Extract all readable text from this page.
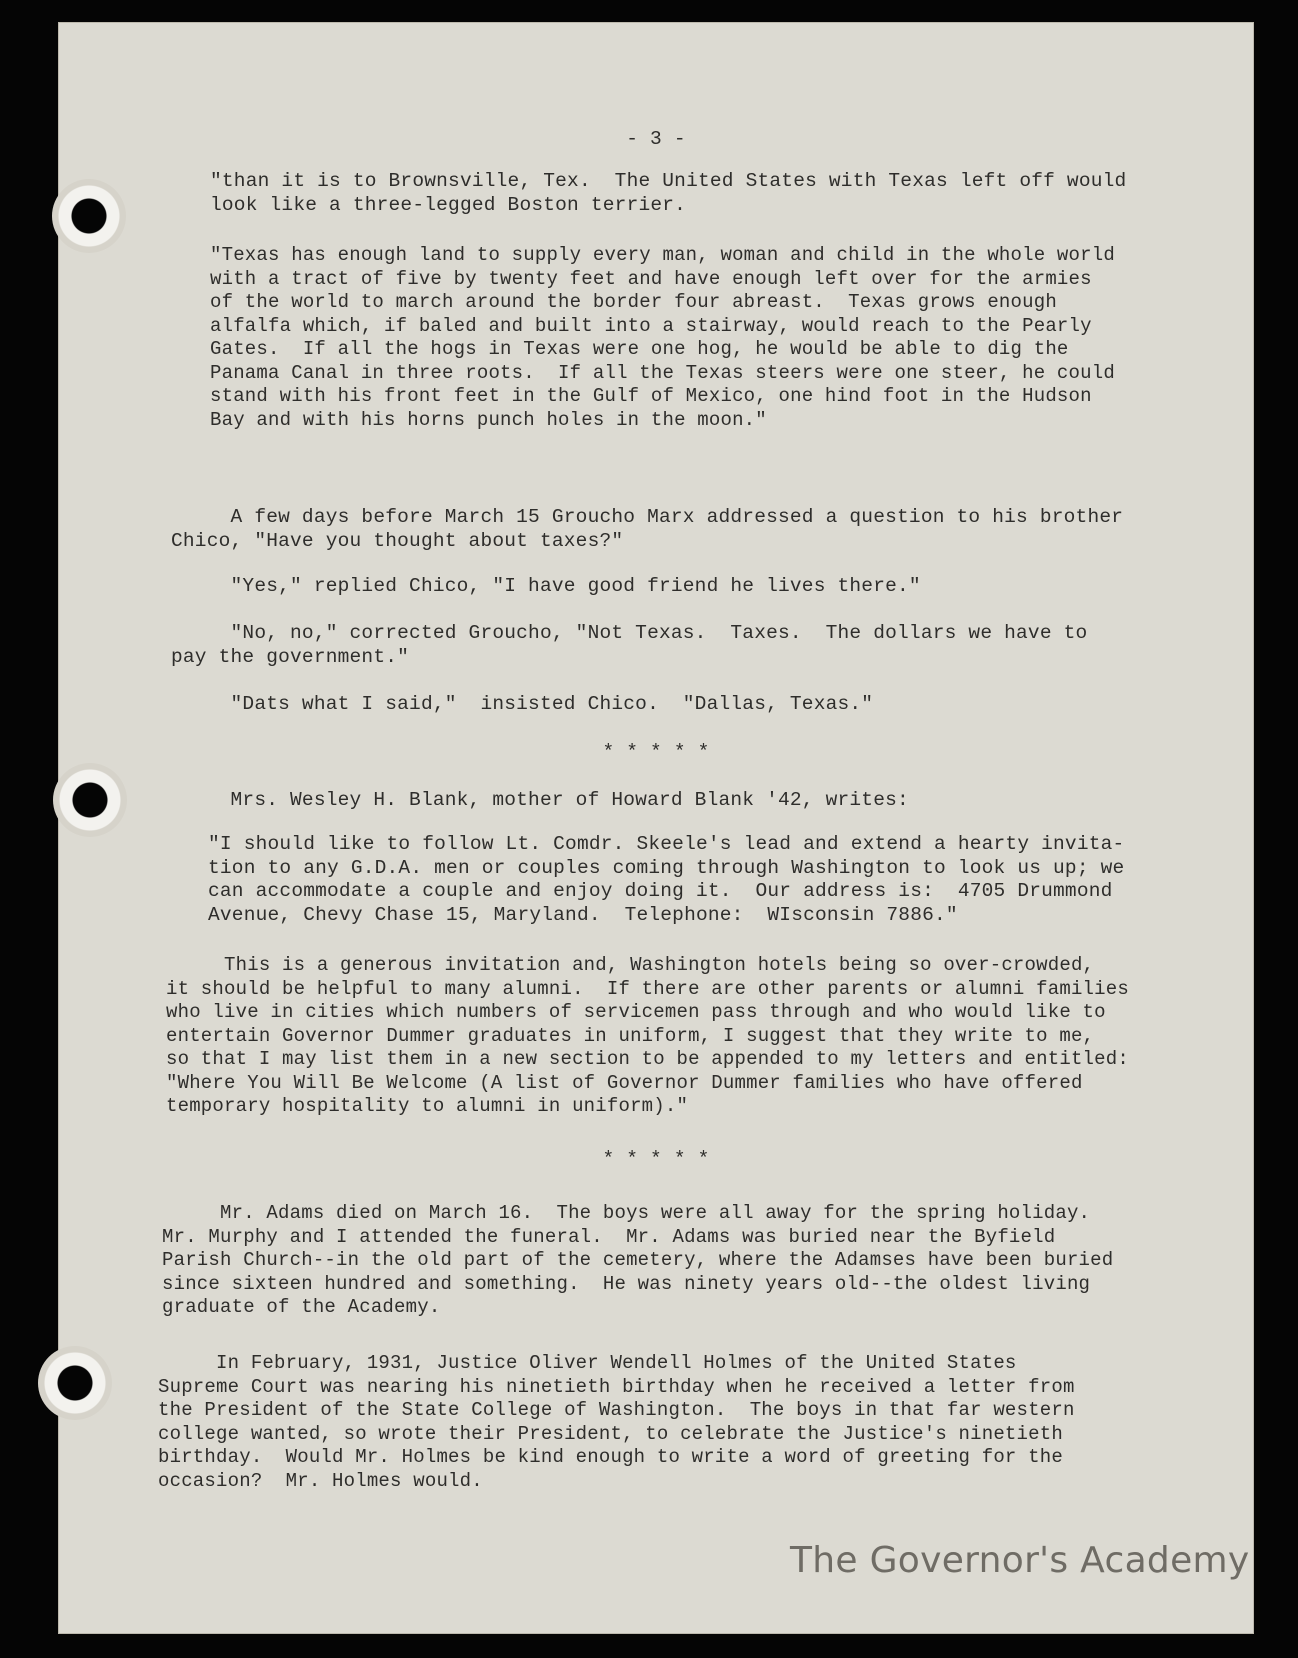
- 3 -
"than it is to Brownsville, Tex.  The United States with Texas left off would
look like a three-legged Boston terrier.
"Texas has enough land to supply every man, woman and child in the whole world
with a tract of five by twenty feet and have enough left over for the armies
of the world to march around the border four abreast.  Texas grows enough
alfalfa which, if baled and built into a stairway, would reach to the Pearly
Gates.  If all the hogs in Texas were one hog, he would be able to dig the
Panama Canal in three roots.  If all the Texas steers were one steer, he could
stand with his front feet in the Gulf of Mexico, one hind foot in the Hudson
Bay and with his horns punch holes in the moon."
A few days before March 15 Groucho Marx addressed a question to his brother
Chico, "Have you thought about taxes?"
"Yes," replied Chico, "I have good friend he lives there."
"No, no," corrected Groucho, "Not Texas.  Taxes.  The dollars we have to
pay the government."
"Dats what I said,"  insisted Chico.  "Dallas, Texas."
* * * * *
Mrs. Wesley H. Blank, mother of Howard Blank '42, writes:
"I should like to follow Lt. Comdr. Skeele's lead and extend a hearty invita-
tion to any G.D.A. men or couples coming through Washington to look us up; we
can accommodate a couple and enjoy doing it.  Our address is:  4705 Drummond
Avenue, Chevy Chase 15, Maryland.  Telephone:  WIsconsin 7886."
This is a generous invitation and, Washington hotels being so over-crowded,
it should be helpful to many alumni.  If there are other parents or alumni families
who live in cities which numbers of servicemen pass through and who would like to
entertain Governor Dummer graduates in uniform, I suggest that they write to me,
so that I may list them in a new section to be appended to my letters and entitled:
"Where You Will Be Welcome (A list of Governor Dummer families who have offered
temporary hospitality to alumni in uniform)."
* * * * *
Mr. Adams died on March 16.  The boys were all away for the spring holiday.
Mr. Murphy and I attended the funeral.  Mr. Adams was buried near the Byfield
Parish Church--in the old part of the cemetery, where the Adamses have been buried
since sixteen hundred and something.  He was ninety years old--the oldest living
graduate of the Academy.
In February, 1931, Justice Oliver Wendell Holmes of the United States
Supreme Court was nearing his ninetieth birthday when he received a letter from
the President of the State College of Washington.  The boys in that far western
college wanted, so wrote their President, to celebrate the Justice's ninetieth
birthday.  Would Mr. Holmes be kind enough to write a word of greeting for the
occasion?  Mr. Holmes would.
The Governor's Academy
